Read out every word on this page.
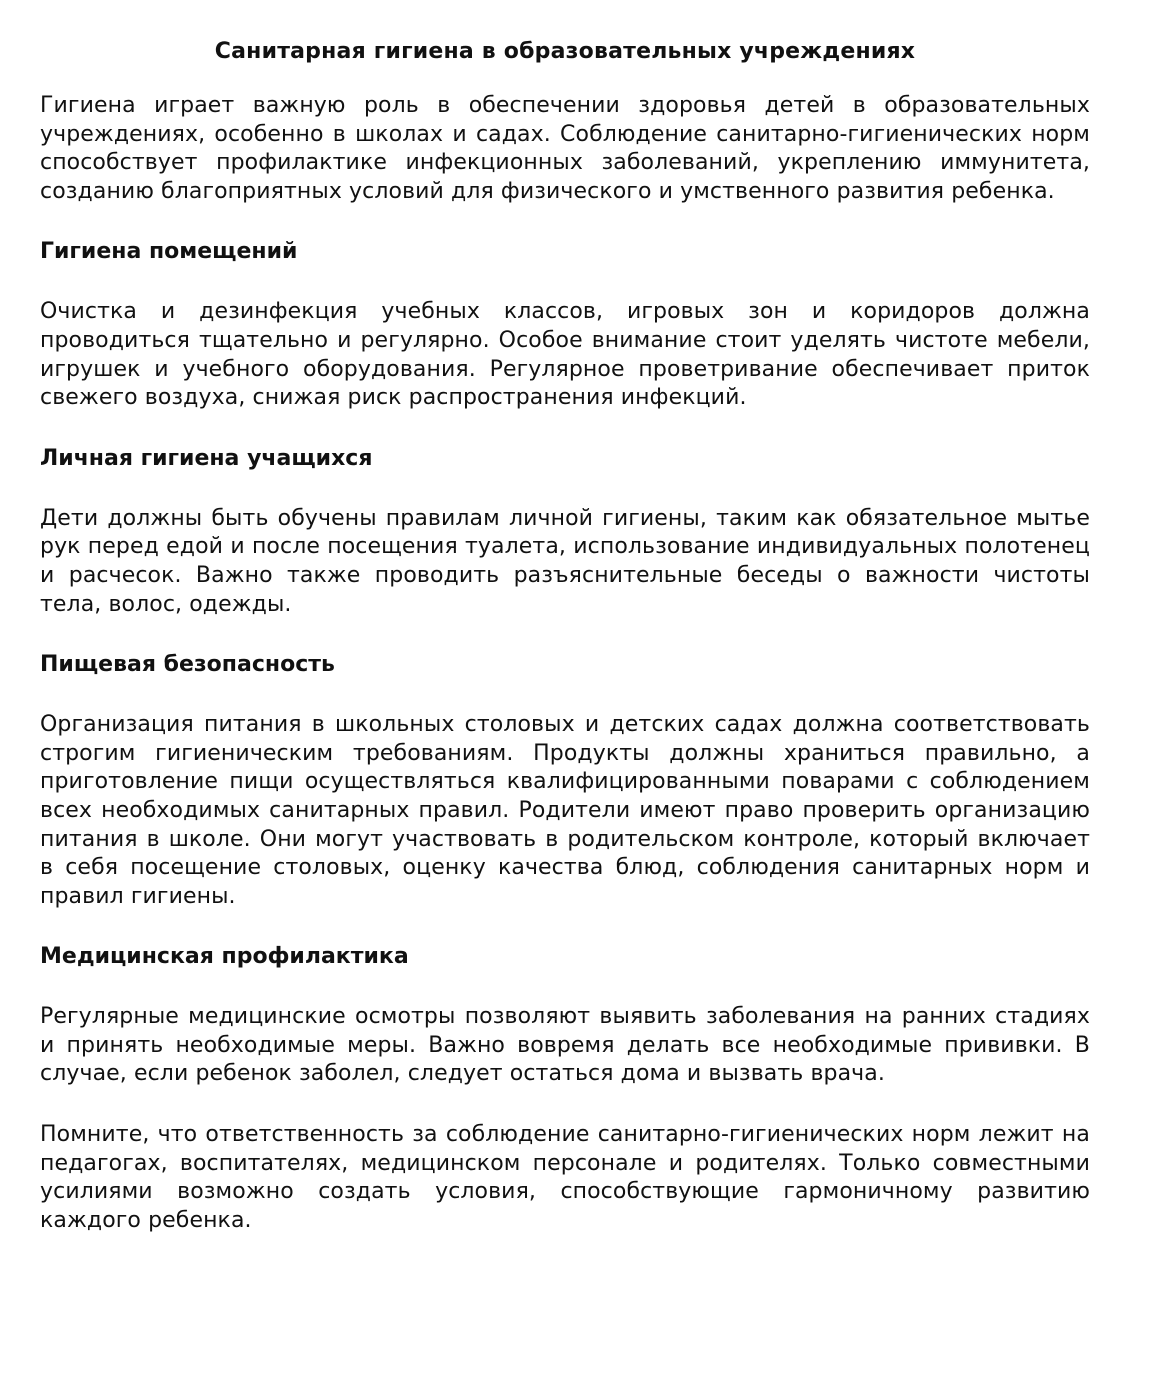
Санитарная гигиена в образовательных учреждениях

Гигиена играет важную роль в обеспечении здоровья детей в образовательных учреждениях, особенно в школах и садах. Соблюдение санитарно-гигиенических норм способствует профилактике инфекционных заболеваний, укреплению иммунитета, созданию благоприятных условий для физического и умственного развития ребенка.

Гигиена помещений

Очистка и дезинфекция учебных классов, игровых зон и коридоров должна проводиться тщательно и регулярно. Особое внимание стоит уделять чистоте мебели, игрушек и учебного оборудования. Регулярное проветривание обеспечивает приток свежего воздуха, снижая риск распространения инфекций.

Личная гигиена учащихся

Дети должны быть обучены правилам личной гигиены, таким как обязательное мытье рук перед едой и после посещения туалета, использование индивидуальных полотенец и расчесок. Важно также проводить разъяснительные беседы о важности чистоты тела, волос, одежды.

Пищевая безопасность

Организация питания в школьных столовых и детских садах должна соответствовать строгим гигиеническим требованиям. Продукты должны храниться правильно, а приготовление пищи осуществляться квалифицированными поварами с соблюдением всех необходимых санитарных правил. Родители имеют право проверить организацию питания в школе. Они могут участвовать в родительском контроле, который включает в себя посещение столовых, оценку качества блюд, соблюдения санитарных норм и правил гигиены.

Медицинская профилактика

Регулярные медицинские осмотры позволяют выявить заболевания на ранних стадиях и принять необходимые меры. Важно вовремя делать все необходимые прививки. В случае, если ребенок заболел, следует остаться дома и вызвать врача.

Помните, что ответственность за соблюдение санитарно-гигиенических норм лежит на педагогах, воспитателях, медицинском персонале и родителях. Только совместными усилиями возможно создать условия, способствующие гармоничному развитию каждого ребенка.
